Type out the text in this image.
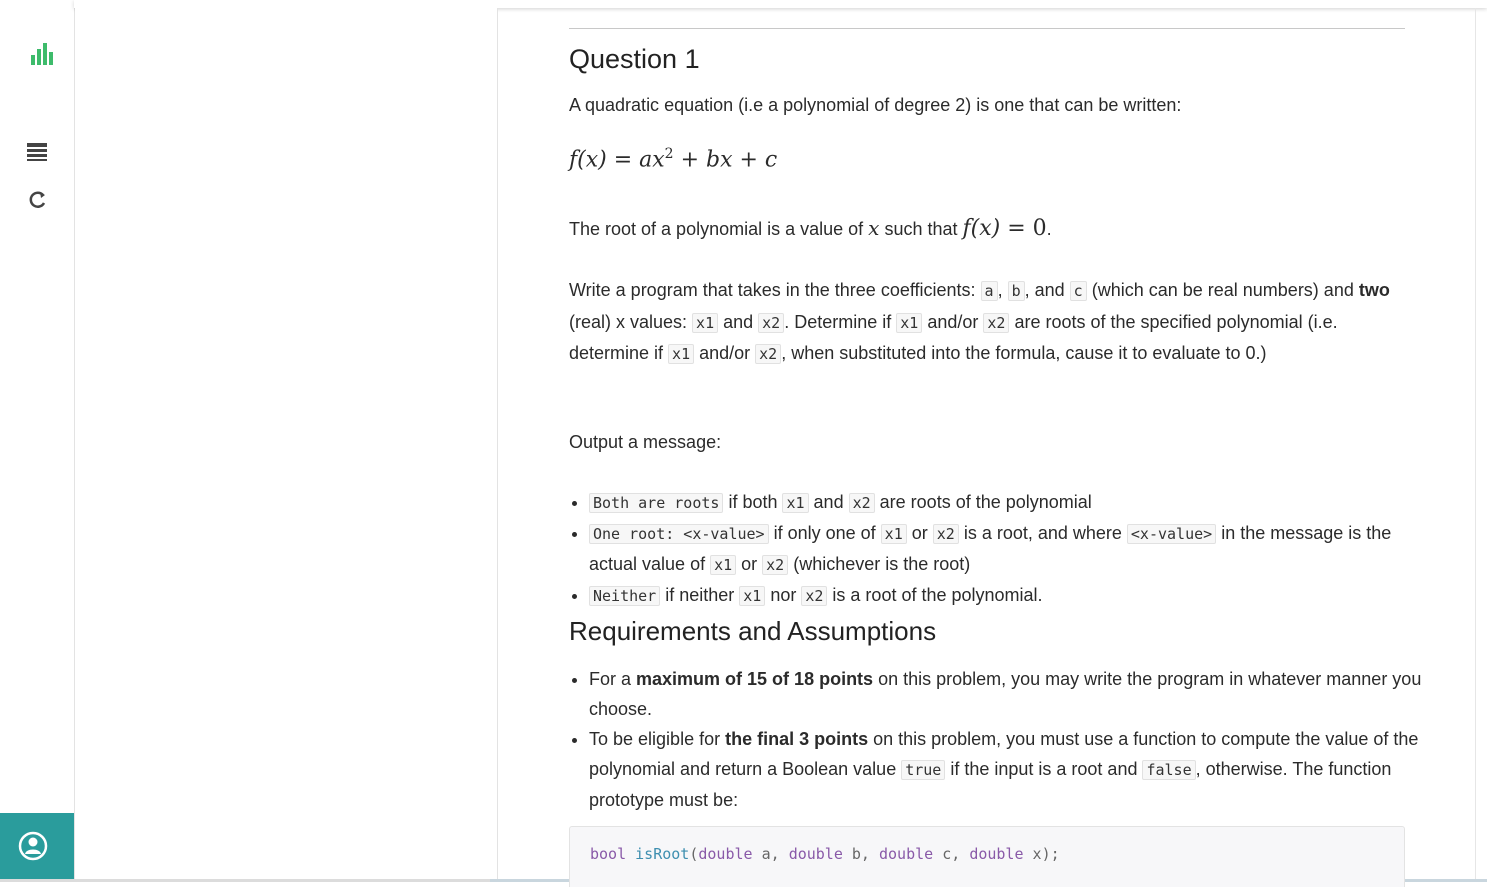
Question 1

A quadratic equation (i.e a polynomial of degree 2) is one that can be written:

$f(x) = ax^2$ + bx + c

The root of a polynomial is a value of x such that f(x) = 0.

Write a program that takes in the three coefficients: a , b , and c (which can be real numbers) and two (real) x values: x1 and x2 . Determine if x1 and/or x2 are roots of the specified polynomial (i.e. determine if x1 and/or x2 , when substituted into the formula, cause it to evaluate to 0.)

Output a message:

• Both are roots if both x1 and x2 are roots of the polynomial
• One root: <x-value> if only one of x1 or x2 is a root, and where <x-value> in the message is the actual value of x1 or x2 (whichever is the root)
• Neither if neither x1 nor x2 is a root of the polynomial.
Requirements and Assumptions
• For a maximum of 15 of 18 points on this problem, you may write the program in whatever manner you choose.
• To be eligible for the final 3 points on this problem, you must use a function to compute the value of the polynomial and return a Boolean value true if the input is a root and false , otherwise. The function prototype must be:
bool isRoot(double a, double b, double c, double x);
